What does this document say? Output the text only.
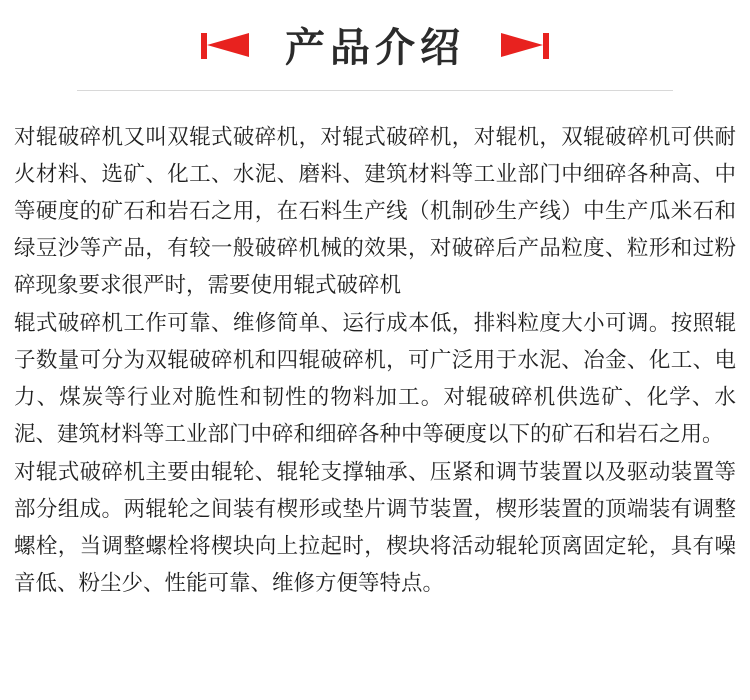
产品介绍

对辊破碎机又叫双辊式破碎机，对辊式破碎机，对辊机，双辊破碎机可供耐火材料、选矿、化工、水泥、磨料、建筑材料等工业部门中细碎各种高、中等硬度的矿石和岩石之用，在石料生产线（机制砂生产线）中生产瓜米石和绿豆沙等产品，有较一般破碎机械的效果，对破碎后产品粒度、粒形和过粉碎现象要求很严时，需要使用辊式破碎机

辊式破碎机工作可靠、维修简单、运行成本低，排料粒度大小可调。按照辊子数量可分为双辊破碎机和四辊破碎机，可广泛用于水泥、冶金、化工、电力、煤炭等行业对脆性和韧性的物料加工。对辊破碎机供选矿、化学、水泥、建筑材料等工业部门中碎和细碎各种中等硬度以下的矿石和岩石之用。

对辊式破碎机主要由辊轮、辊轮支撑轴承、压紧和调节装置以及驱动装置等部分组成。两辊轮之间装有楔形或垫片调节装置，楔形装置的顶端装有调整螺栓，当调整螺栓将楔块向上拉起时，楔块将活动辊轮顶离固定轮，具有噪音低、粉尘少、性能可靠、维修方便等特点。
